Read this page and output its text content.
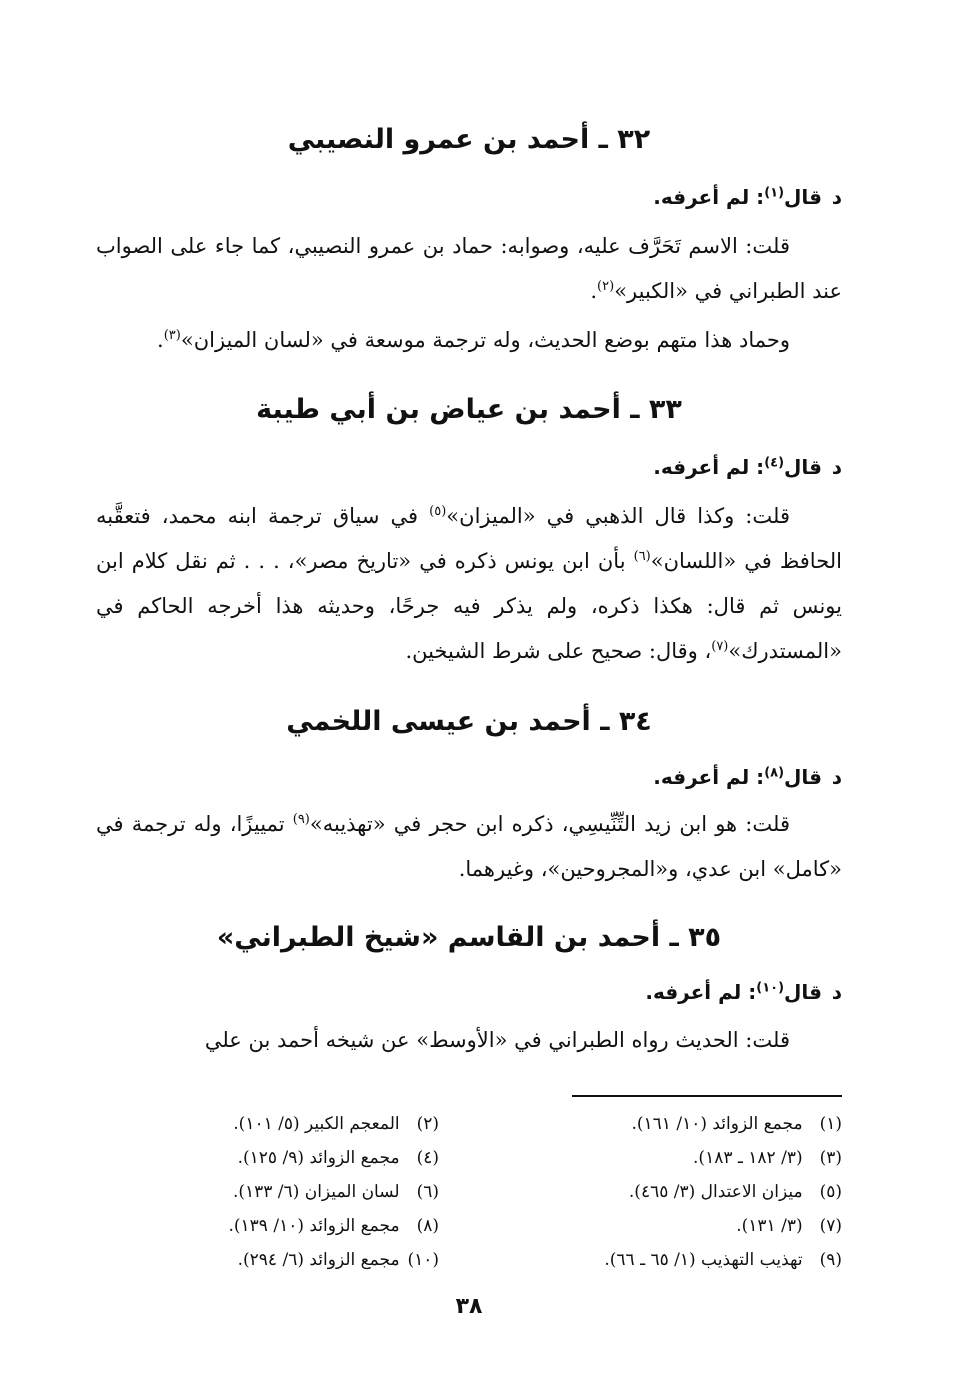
٣٢ ـ أحمد بن عمرو النصيبي
ﺩقال$^{(١)}$: لم أعرفه.
قلت: الاسم تَحَرَّف عليه، وصوابه: حماد بن عمرو النصيبي، كما جاء على الصواب عند الطبراني في «الكبير»$^{(٢)}$.
وحماد هذا متهم بوضع الحديث، وله ترجمة موسعة في «لسان الميزان»$^{(٣)}$.
٣٣ ـ أحمد بن عياض بن أبي طيبة
ﺩقال$^{(٤)}$: لم أعرفه.
قلت: وكذا قال الذهبي في «الميزان»$^{(٥)}$ في سياق ترجمة ابنه محمد، فتعقَّبه الحافظ في «اللسان»$^{(٦)}$ بأن ابن يونس ذكره في «تاريخ مصر»، . . . ثم نقل كلام ابن يونس ثم قال: هكذا ذكره، ولم يذكر فيه جرحًا، وحديثه هذا أخرجه الحاكم في «المستدرك»$^{(٧)}$، وقال: صحيح على شرط الشيخين.
٣٤ ـ أحمد بن عيسى اللخمي
ﺩقال$^{(٨)}$: لم أعرفه.
قلت: هو ابن زيد التِّنِّيسِي، ذكره ابن حجر في «تهذيبه»$^{(٩)}$ تمييزًا، وله ترجمة في «كامل» ابن عدي، و«المجروحين»، وغيرهما.
٣٥ ـ أحمد بن القاسم «شيخ الطبراني»
ﺩقال$^{(١٠)}$: لم أعرفه.
قلت: الحديث رواه الطبراني في «الأوسط» عن شيخه أحمد بن علي
(١) مجمع الزوائد (١٠/ ١٦١).
(٢) المعجم الكبير (٥/ ١٠١).
(٣) (٣/ ١٨٢ ـ ١٨٣).
(٤) مجمع الزوائد (٩/ ١٢٥).
(٥) ميزان الاعتدال (٣/ ٤٦٥).
(٦) لسان الميزان (٦/ ١٣٣).
(٧) (٣/ ١٣١).
(٨) مجمع الزوائد (١٠/ ١٣٩).
(٩) تهذيب التهذيب (١/ ٦٥ ـ ٦٦).
(١٠) مجمع الزوائد (٦/ ٢٩٤).
٣٨
